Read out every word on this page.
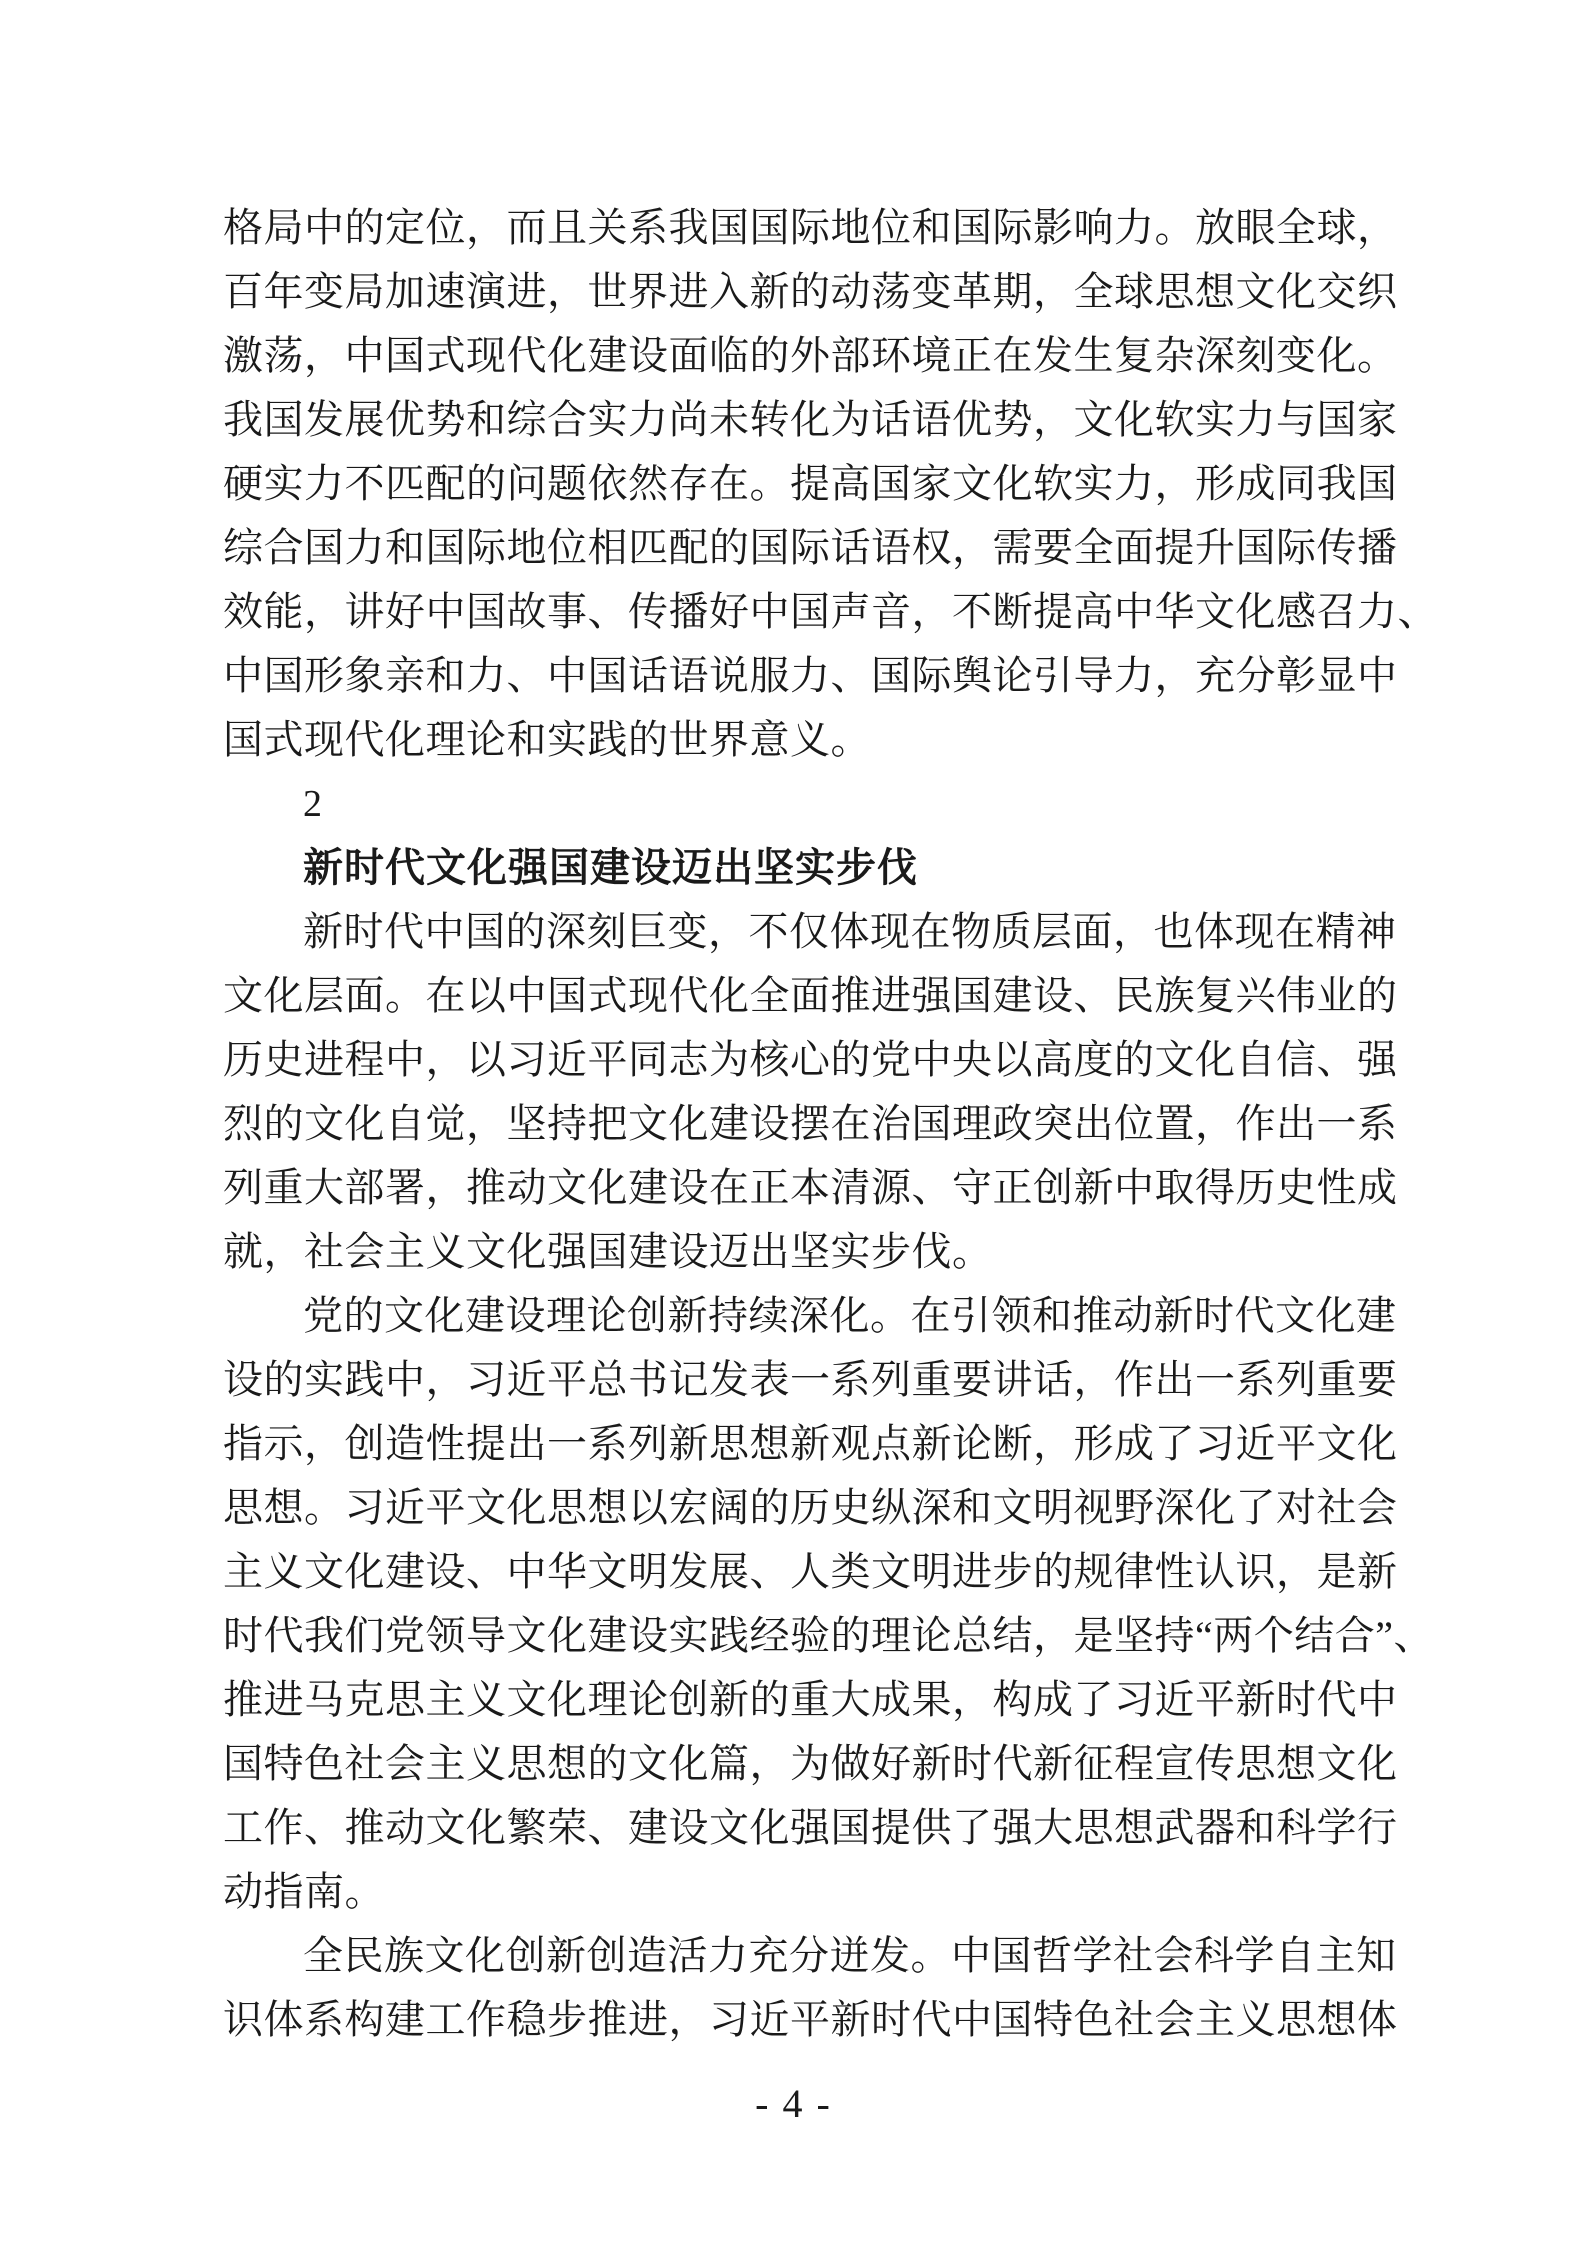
格局中的定位，而且关系我国国际地位和国际影响力。放眼全球，
百年变局加速演进，世界进入新的动荡变革期，全球思想文化交织
激荡，中国式现代化建设面临的外部环境正在发生复杂深刻变化。
我国发展优势和综合实力尚未转化为话语优势，文化软实力与国家
硬实力不匹配的问题依然存在。提高国家文化软实力，形成同我国
综合国力和国际地位相匹配的国际话语权，需要全面提升国际传播
效能，讲好中国故事、传播好中国声音，不断提高中华文化感召力、
中国形象亲和力、中国话语说服力、国际舆论引导力，充分彰显中
国式现代化理论和实践的世界意义。
2
新时代文化强国建设迈出坚实步伐
新时代中国的深刻巨变，不仅体现在物质层面，也体现在精神
文化层面。在以中国式现代化全面推进强国建设、民族复兴伟业的
历史进程中，以习近平同志为核心的党中央以高度的文化自信、强
烈的文化自觉，坚持把文化建设摆在治国理政突出位置，作出一系
列重大部署，推动文化建设在正本清源、守正创新中取得历史性成
就，社会主义文化强国建设迈出坚实步伐。
党的文化建设理论创新持续深化。在引领和推动新时代文化建
设的实践中，习近平总书记发表一系列重要讲话，作出一系列重要
指示，创造性提出一系列新思想新观点新论断，形成了习近平文化
思想。习近平文化思想以宏阔的历史纵深和文明视野深化了对社会
主义文化建设、中华文明发展、人类文明进步的规律性认识，是新
时代我们党领导文化建设实践经验的理论总结，是坚持“两个结合”、
推进马克思主义文化理论创新的重大成果，构成了习近平新时代中
国特色社会主义思想的文化篇，为做好新时代新征程宣传思想文化
工作、推动文化繁荣、建设文化强国提供了强大思想武器和科学行
动指南。
全民族文化创新创造活力充分迸发。中国哲学社会科学自主知
识体系构建工作稳步推进，习近平新时代中国特色社会主义思想体
- 4 -
